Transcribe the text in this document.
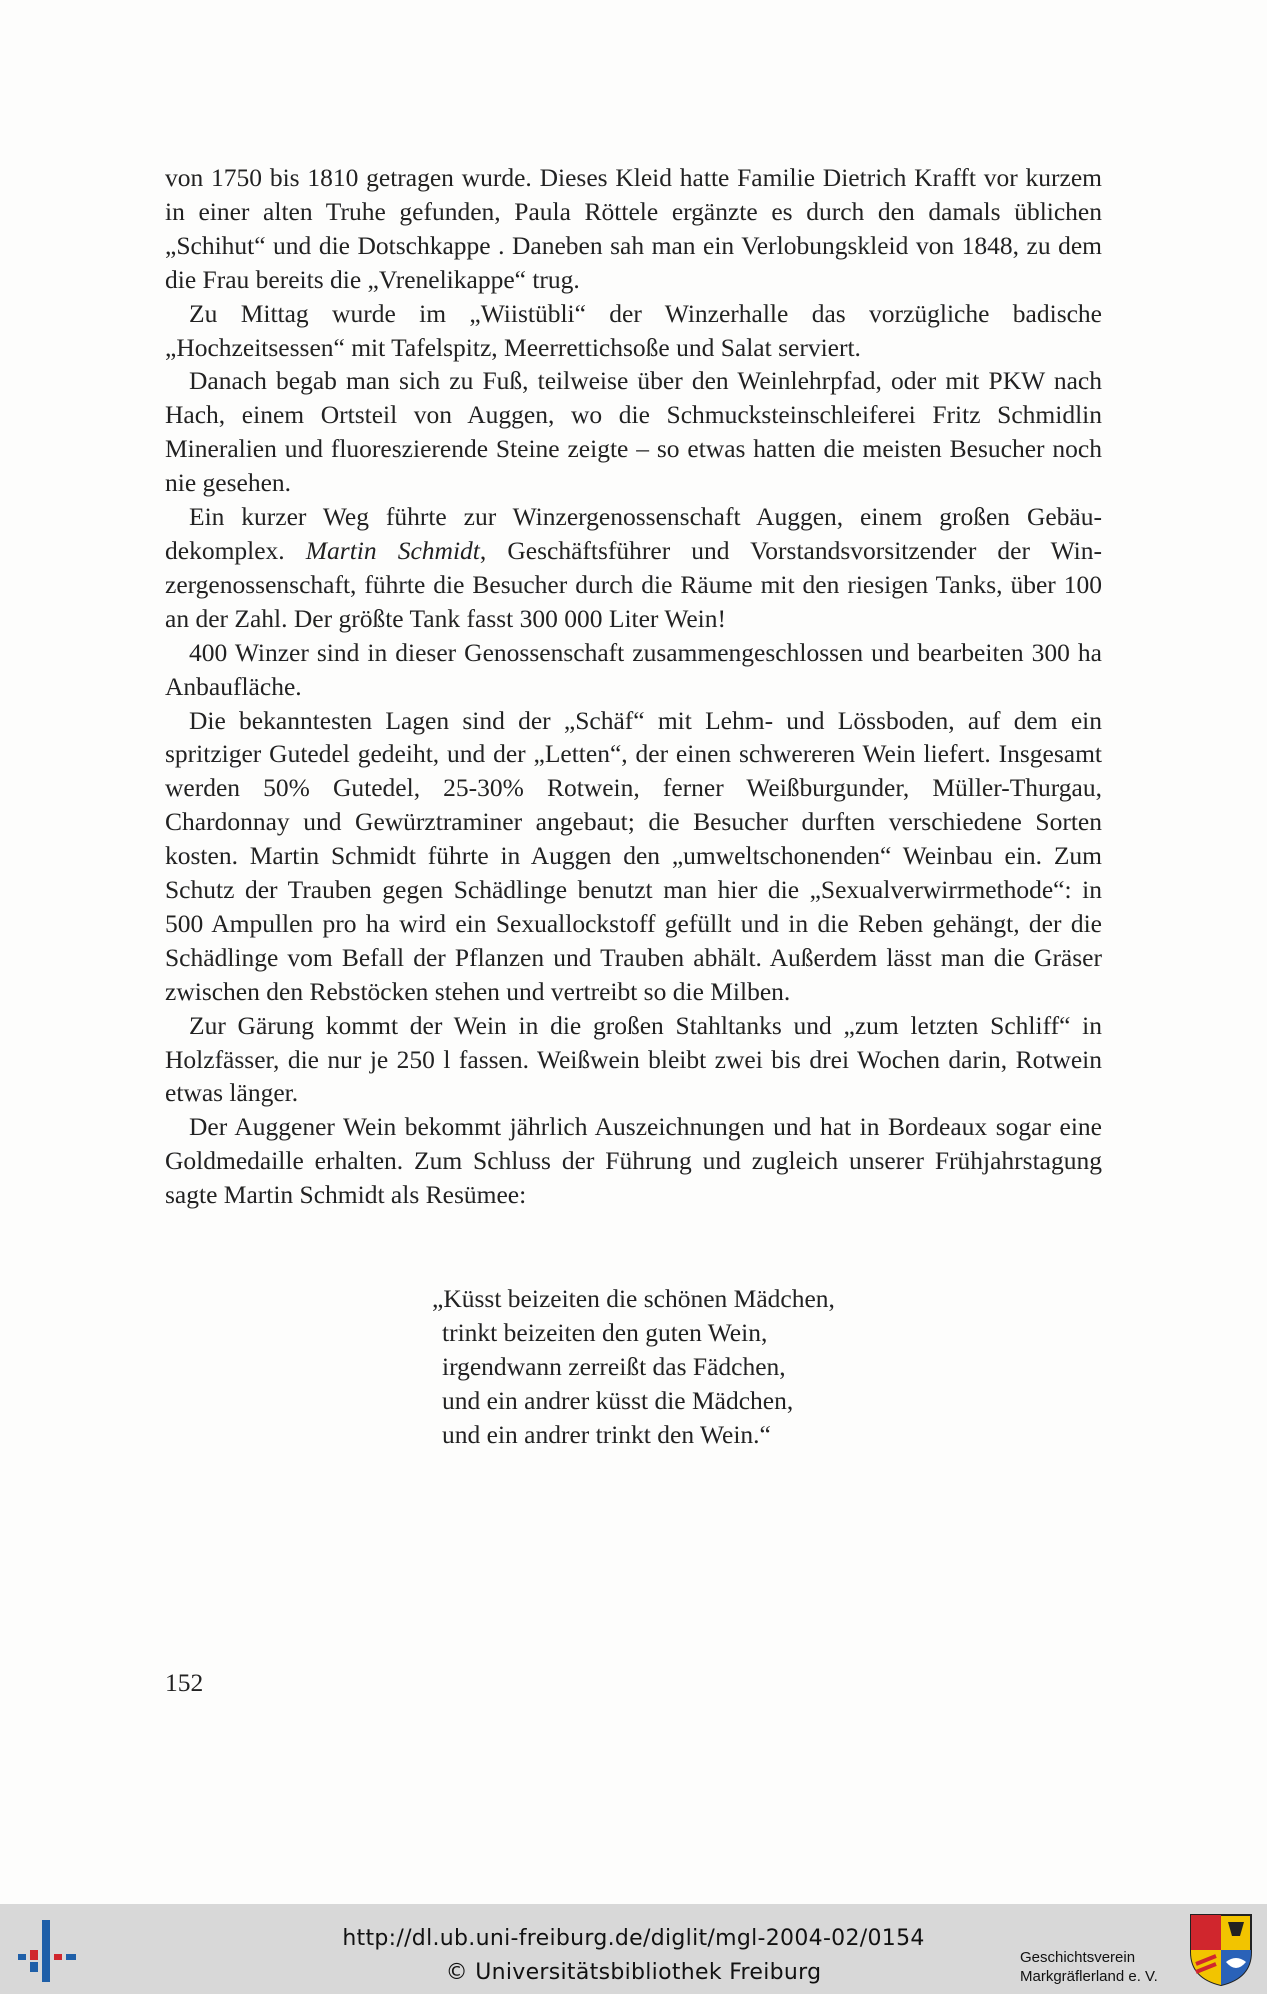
von 1750 bis 1810 getragen wurde. Dieses Kleid hatte Familie Dietrich Krafft vor kurzem in einer alten Truhe gefunden, Paula Röttele ergänzte es durch den damals üblichen „Schihut“ und die Dotschkappe . Daneben sah man ein Verlobungskleid von 1848, zu dem die Frau bereits die „Vrenelikappe“ trug.

Zu Mittag wurde im „Wiistübli“ der Winzerhalle das vorzügliche badische „Hochzeitsessen“ mit Tafelspitz, Meerrettichsoße und Salat serviert.

Danach begab man sich zu Fuß, teilweise über den Weinlehrpfad, oder mit PKW nach Hach, einem Ortsteil von Auggen, wo die Schmucksteinschleiferei Fritz Schmidlin Mineralien und fluoreszierende Steine zeigte – so etwas hatten die meisten Besucher noch nie gesehen.

Ein kurzer Weg führte zur Winzergenossenschaft Auggen, einem großen Gebäudekomplex. Martin Schmidt, Geschäftsführer und Vorstandsvorsitzender der Winzergenossenschaft, führte die Besucher durch die Räume mit den riesigen Tanks, über 100 an der Zahl. Der größte Tank fasst 300 000 Liter Wein!

400 Winzer sind in dieser Genossenschaft zusammengeschlossen und bearbeiten 300 ha Anbaufläche.

Die bekanntesten Lagen sind der „Schäf“ mit Lehm- und Lössboden, auf dem ein spritziger Gutedel gedeiht, und der „Letten“, der einen schwereren Wein liefert. Insgesamt werden 50% Gutedel, 25-30% Rotwein, ferner Weißburgunder, Müller-Thurgau, Chardonnay und Gewürztraminer angebaut; die Besucher durften verschiedene Sorten kosten. Martin Schmidt führte in Auggen den „umweltschonenden“ Weinbau ein. Zum Schutz der Trauben gegen Schädlinge benutzt man hier die „Sexualverwirrmethode“: in 500 Ampullen pro ha wird ein Sexuallockstoff gefüllt und in die Reben gehängt, der die Schädlinge vom Befall der Pflanzen und Trauben abhält. Außerdem lässt man die Gräser zwischen den Rebstöcken stehen und vertreibt so die Milben.

Zur Gärung kommt der Wein in die großen Stahltanks und „zum letzten Schliff“ in Holzfässer, die nur je 250 l fassen. Weißwein bleibt zwei bis drei Wochen darin, Rotwein etwas länger.

Der Auggener Wein bekommt jährlich Auszeichnungen und hat in Bordeaux sogar eine Goldmedaille erhalten. Zum Schluss der Führung und zugleich unserer Frühjahrstagung sagte Martin Schmidt als Resümee:

„Küsst beizeiten die schönen Mädchen,
trinkt beizeiten den guten Wein,
irgendwann zerreißt das Fädchen,
und ein andrer küsst die Mädchen,
und ein andrer trinkt den Wein.“
152
http://dl.ub.uni-freiburg.de/diglit/mgl-2004-02/0154
© Universitätsbibliothek Freiburg
Geschichtsverein
Markgräflerland e. V.
